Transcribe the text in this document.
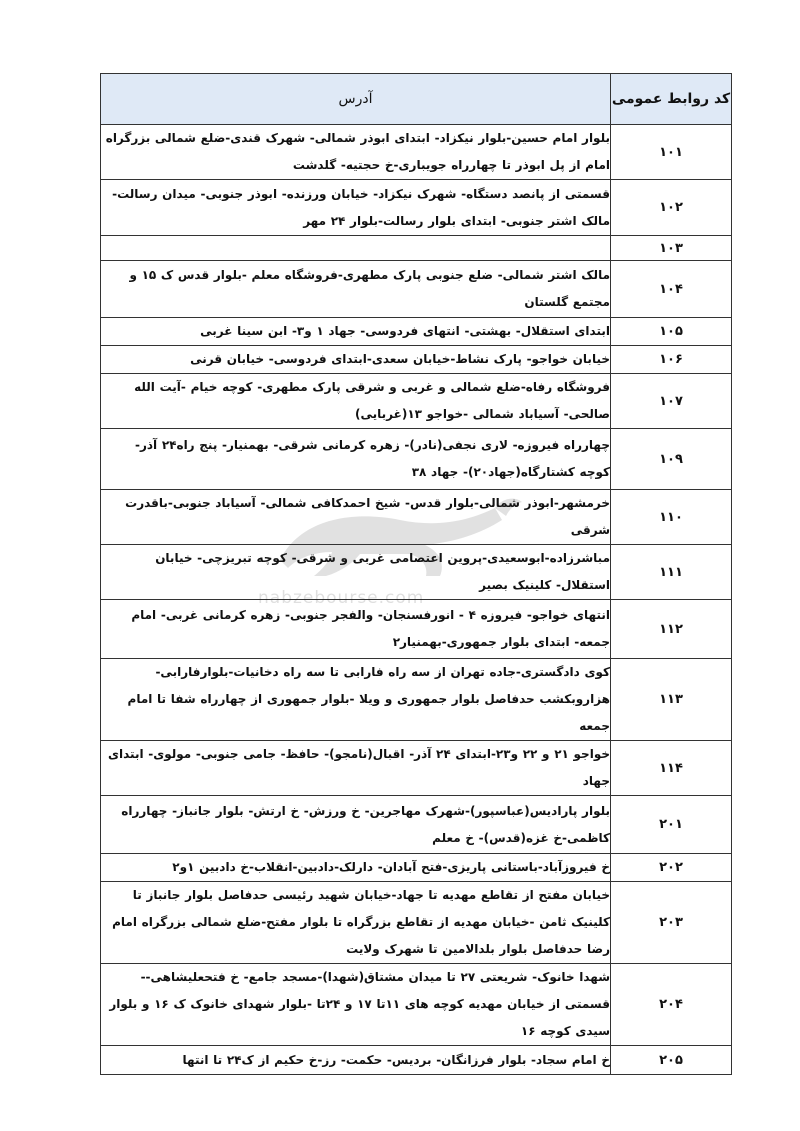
کد روابط عمومی	آدرس
۱۰۱	بلوار امام حسین-بلوار نیکزاد- ابتدای ابوذر شمالی- شهرک قندی-ضلع شمالی بزرگراه امام از پل ابوذر تا چهارراه جویباری-خ حجتیه- گلدشت
۱۰۲	قسمتی از پانصد دستگاه- شهرک نیکزاد- خیابان ورزنده- ابوذر جنوبی- میدان رسالت- مالک اشتر جنوبی- ابتدای بلوار رسالت-بلوار ۲۴ مهر
۱۰۳	
۱۰۴	مالک اشتر شمالی- ضلع جنوبی پارک مطهری-فروشگاه معلم -بلوار قدس ک ۱۵ و مجتمع گلستان
۱۰۵	ابتدای استقلال- بهشتی- انتهای فردوسی- جهاد ۱ و۳- ابن سینا غربی
۱۰۶	خیابان خواجو- پارک نشاط-خیابان سعدی-ابتدای فردوسی- خیابان قرنی
۱۰۷	فروشگاه رفاه-ضلع شمالی و غربی و شرقی پارک مطهری- کوچه خیام -آیت الله صالحی- آسیاباد شمالی -خواجو ۱۳(غربایی)
۱۰۹	چهارراه فیروزه- لاری نجفی(نادر)- زهره کرمانی شرقی- بهمنیار- پنج راه۲۴ آذر- کوچه کشتارگاه(جهاد۲۰)- جهاد ۳۸
۱۱۰	خرمشهر-ابوذر شمالی-بلوار قدس- شیخ احمدکافی شمالی- آسیاباد جنوبی-باقدرت شرقی
۱۱۱	مباشرزاده-ابوسعیدی-پروین اعتصامی غربی و شرقی- کوچه تبریزچی- خیابان استقلال- کلینیک بصیر
۱۱۲	انتهای خواجو- فیروزه ۴ - انورفسنجان- والفجر جنوبی- زهره کرمانی غربی- امام جمعه- ابتدای بلوار جمهوری-بهمنیار۲
۱۱۳	کوی دادگستری-جاده تهران از سه راه فارابی تا سه راه دخانیات-بلوارفارابی-هزاروبکشب حدفاصل بلوار جمهوری و ویلا -بلوار جمهوری از چهارراه شفا تا امام جمعه
۱۱۴	خواجو ۲۱ و ۲۲ و۲۳-ابتدای ۲۴ آذر- اقبال(نامجو)- حافظ- جامی جنوبی- مولوی- ابتدای جهاد
۲۰۱	بلوار پارادیس(عباسپور)-شهرک مهاجرین- خ ورزش- خ ارتش- بلوار جانباز- چهارراه کاظمی-خ غزه(قدس)- خ معلم
۲۰۲	خ فیروزآباد-باستانی پاریزی-فتح آبادان- دارلک-دادبین-انقلاب-خ دادبین ۱و۲
۲۰۳	خیابان مفتح از تقاطع مهدیه تا جهاد-خیابان شهید رئیسی حدفاصل بلوار جانباز تا کلینیک ثامن -خیابان مهدیه از تقاطع بزرگراه تا بلوار مفتح-ضلع شمالی بزرگراه امام رضا حدفاصل بلوار بلدالامین تا شهرک ولایت
۲۰۴	شهدا خانوک- شریعتی ۲۷ تا میدان مشتاق(شهدا)-مسجد جامع- خ فتحعلیشاهی-- قسمتی از خیابان مهدیه کوچه های ۱۱تا ۱۷ و ۲۴تا -بلوار شهدای خانوک ک ۱۶ و بلوار سیدی کوچه ۱۶
۲۰۵	خ امام سجاد- بلوار فرزانگان- بردیس- حکمت- رز-خ حکیم از ک۲۴ تا انتها
nabzebourse.com
